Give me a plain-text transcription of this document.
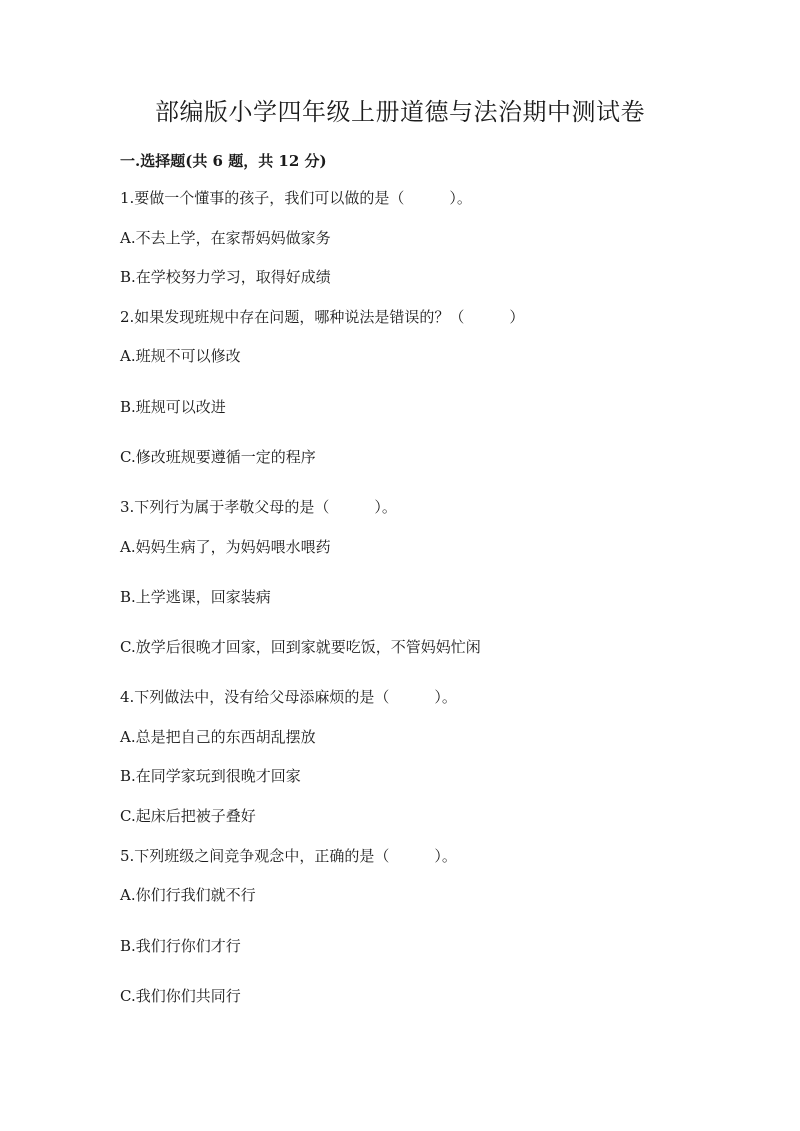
部编版小学四年级上册道德与法治期中测试卷
一.选择题(共 6 题，共 12 分)
1.要做一个懂事的孩子，我们可以做的是（　　　）。
A.不去上学，在家帮妈妈做家务
B.在学校努力学习，取得好成绩
2.如果发现班规中存在问题，哪种说法是错误的？（　　　）
A.班规不可以修改
B.班规可以改进
C.修改班规要遵循一定的程序
3.下列行为属于孝敬父母的是（　　　）。
A.妈妈生病了，为妈妈喂水喂药
B.上学逃课，回家装病
C.放学后很晚才回家，回到家就要吃饭，不管妈妈忙闲
4.下列做法中，没有给父母添麻烦的是（　　　）。
A.总是把自己的东西胡乱摆放
B.在同学家玩到很晚才回家
C.起床后把被子叠好
5.下列班级之间竞争观念中，正确的是（　　　）。
A.你们行我们就不行
B.我们行你们才行
C.我们你们共同行
